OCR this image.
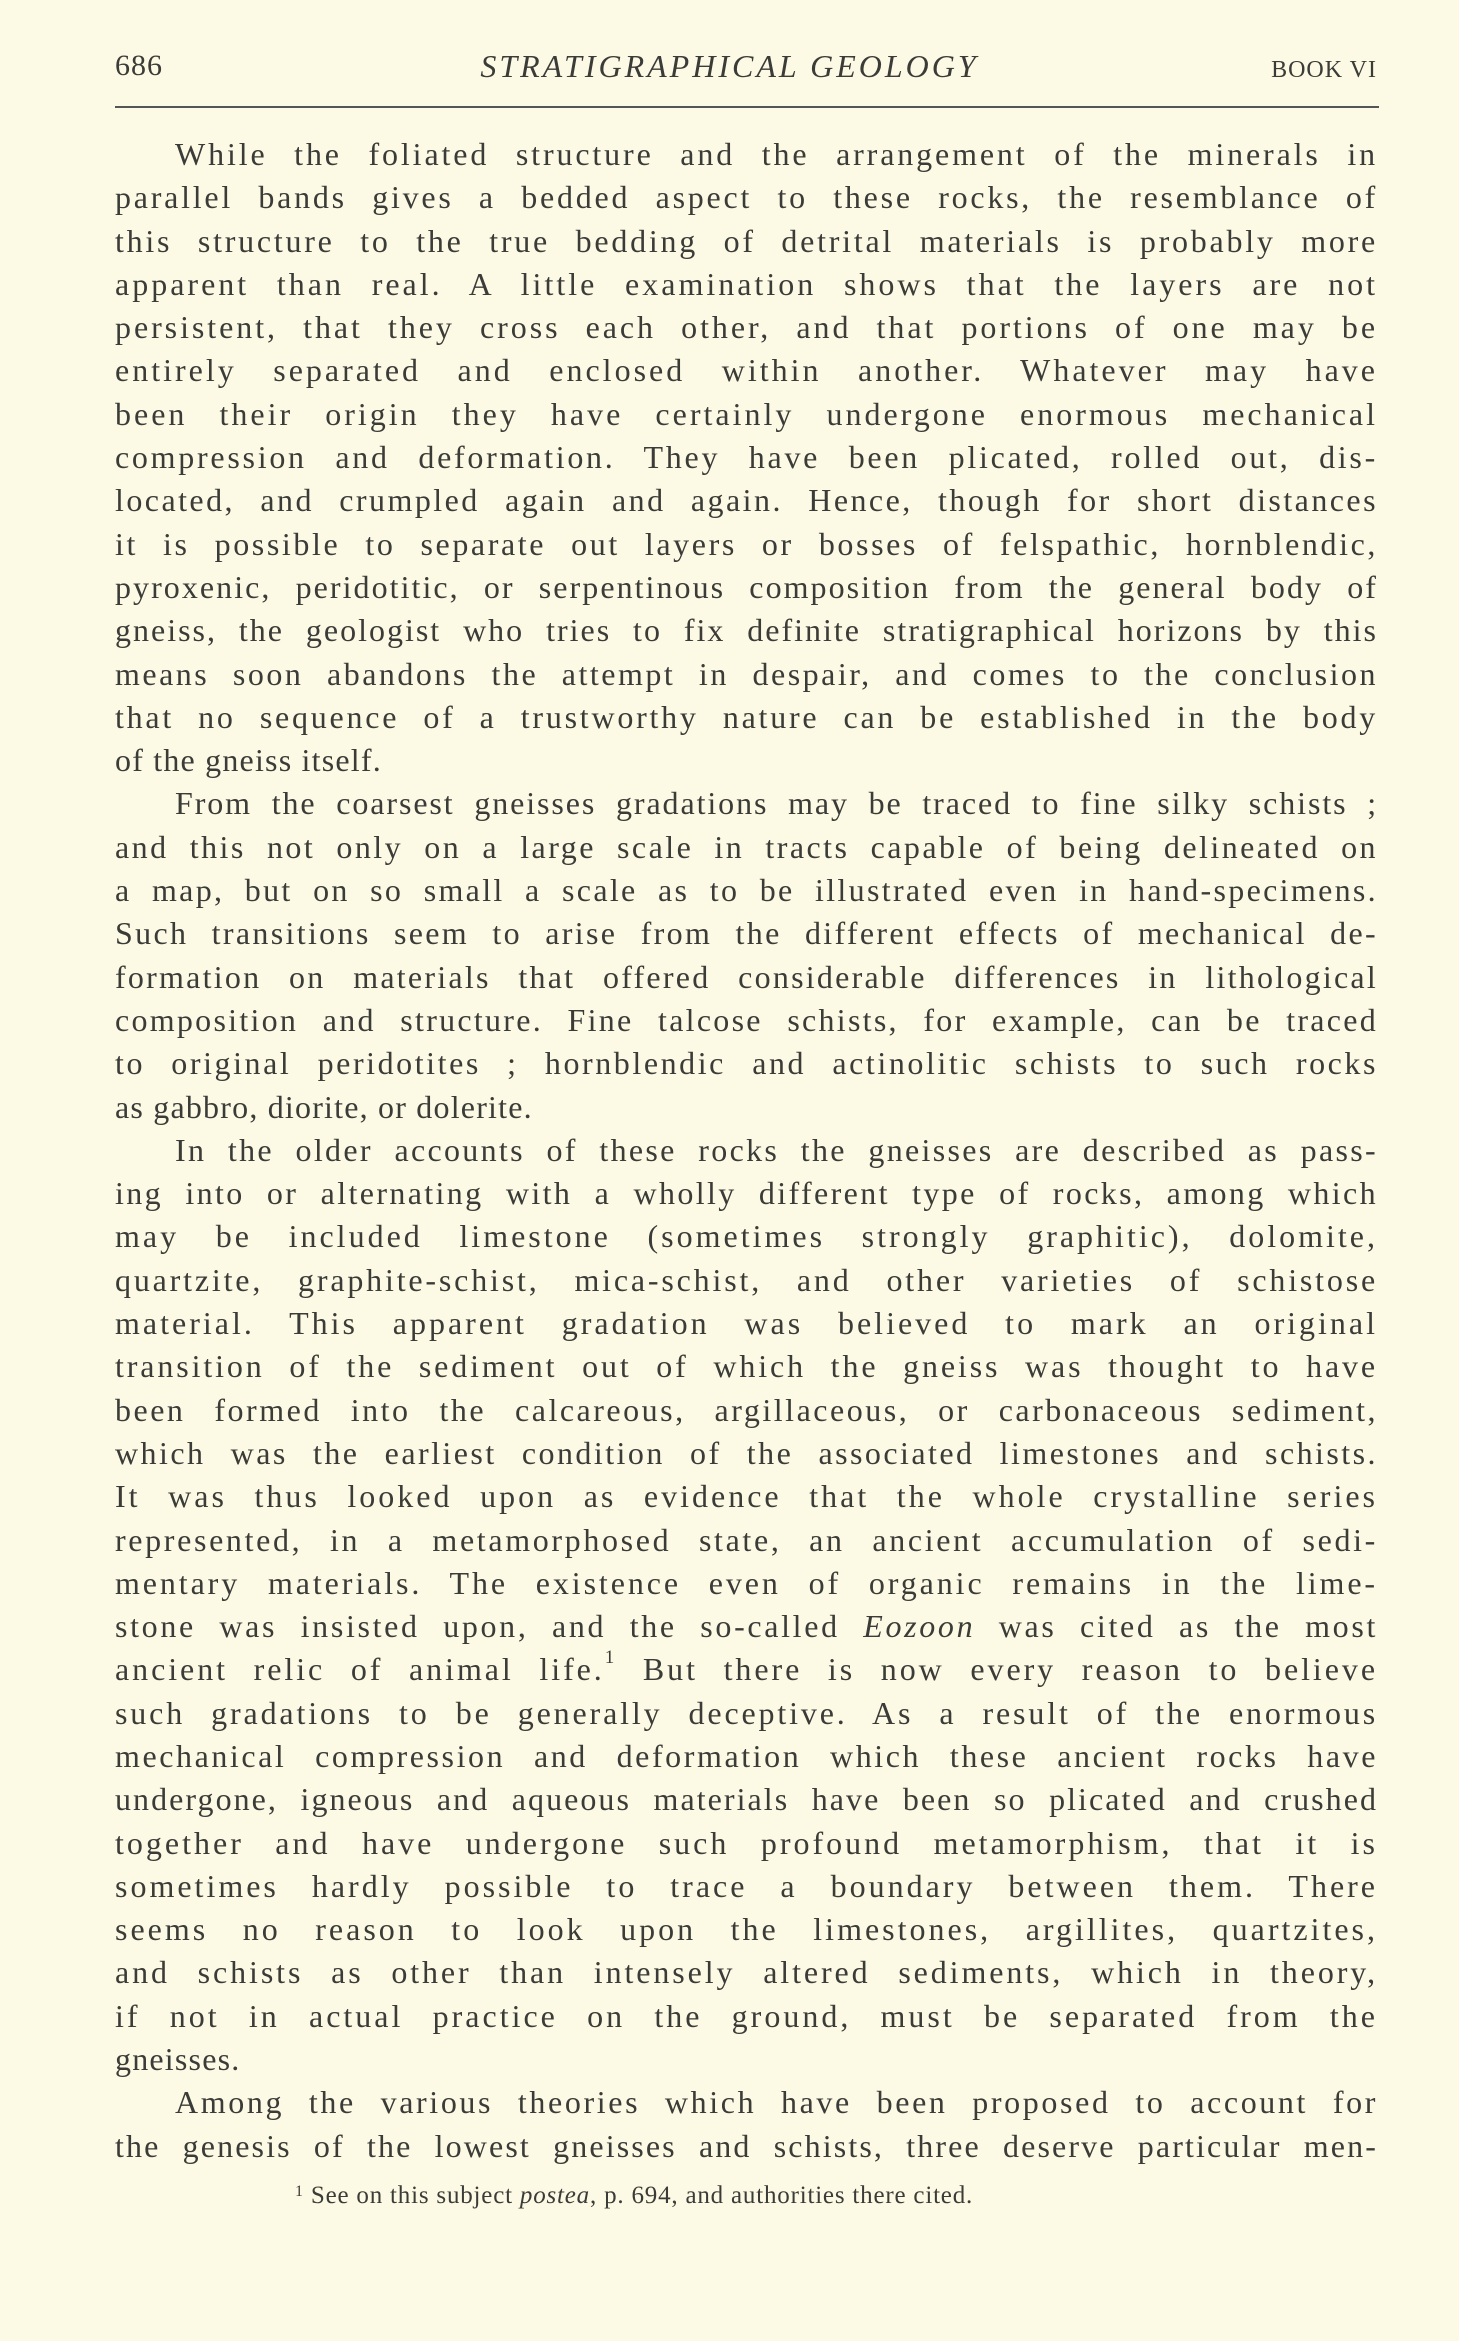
686	STRATIGRAPHICAL GEOLOGY	BOOK VI
While the foliated structure and the arrangement of the minerals in
parallel bands gives a bedded aspect to these rocks, the resemblance of
this structure to the true bedding of detrital materials is probably more
apparent than real. A little examination shows that the layers are not
persistent, that they cross each other, and that portions of one may be
entirely separated and enclosed within another. Whatever may have
been their origin they have certainly undergone enormous mechanical
compression and deformation. They have been plicated, rolled out, dis-
located, and crumpled again and again. Hence, though for short distances
it is possible to separate out layers or bosses of felspathic, hornblendic,
pyroxenic, peridotitic, or serpentinous composition from the general body of
gneiss, the geologist who tries to fix definite stratigraphical horizons by this
means soon abandons the attempt in despair, and comes to the conclusion
that no sequence of a trustworthy nature can be established in the body
of the gneiss itself.
From the coarsest gneisses gradations may be traced to fine silky schists ;
and this not only on a large scale in tracts capable of being delineated on
a map, but on so small a scale as to be illustrated even in hand-specimens.
Such transitions seem to arise from the different effects of mechanical de-
formation on materials that offered considerable differences in lithological
composition and structure. Fine talcose schists, for example, can be traced
to original peridotites ; hornblendic and actinolitic schists to such rocks
as gabbro, diorite, or dolerite.
In the older accounts of these rocks the gneisses are described as pass-
ing into or alternating with a wholly different type of rocks, among which
may be included limestone (sometimes strongly graphitic), dolomite,
quartzite, graphite-schist, mica-schist, and other varieties of schistose
material. This apparent gradation was believed to mark an original
transition of the sediment out of which the gneiss was thought to have
been formed into the calcareous, argillaceous, or carbonaceous sediment,
which was the earliest condition of the associated limestones and schists.
It was thus looked upon as evidence that the whole crystalline series
represented, in a metamorphosed state, an ancient accumulation of sedi-
mentary materials. The existence even of organic remains in the lime-
stone was insisted upon, and the so-called Eozoon was cited as the most
ancient relic of animal life.$^1$ But there is now every reason to believe
such gradations to be generally deceptive. As a result of the enormous
mechanical compression and deformation which these ancient rocks have
undergone, igneous and aqueous materials have been so plicated and crushed
together and have undergone such profound metamorphism, that it is
sometimes hardly possible to trace a boundary between them. There
seems no reason to look upon the limestones, argillites, quartzites,
and schists as other than intensely altered sediments, which in theory,
if not in actual practice on the ground, must be separated from the
gneisses.
Among the various theories which have been proposed to account for
the genesis of the lowest gneisses and schists, three deserve particular men-
$^1$ See on this subject postea, p. 694, and authorities there cited.
